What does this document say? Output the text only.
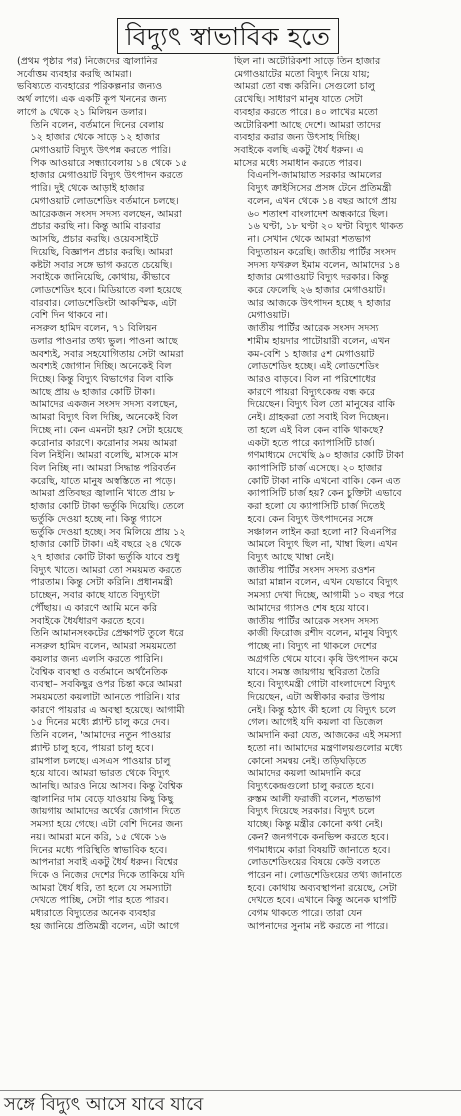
বিদ্যুৎ স্বাভাবিক হতে

(প্রথম পৃষ্ঠার পর) নিজেদের জ্বালানির
সর্বোত্তম ব্যবহার করছি আমরা।
ভবিষ্যতে ব্যবহারের পরিকল্পনার জন্যও
অর্থ লাগে। এক একটি কূপ খননের জন্য
লাগে ৯ থেকে ২১ মিলিয়ন ডলার।

তিনি বলেন, বর্তমানে দিনের বেলায়
১২ হাজার থেকে সাড়ে ১২ হাজার
মেগাওয়াট বিদ্যুৎ উৎপন্ন করতে পারি।
পিক আওয়ারে সন্ধ্যাবেলায় ১৪ থেকে ১৫
হাজার মেগাওয়াট বিদ্যুৎ উৎপাদন করতে
পারি। দুই থেকে আড়াই হাজার
মেগাওয়াট লোডশেডিং বর্তমানে চলছে।
আরেকজন সংসদ সদস্য বলছেন, আমরা
প্রচার করছি না। কিন্তু আমি বারবার
আসছি, প্রচার করছি। ওয়েবসাইটে
দিয়েছি, বিজ্ঞাপন প্রচার করছি। আমরা
কষ্টটা সবার সঙ্গে ভাগ করতে চেয়েছি।
সবাইকে জানিয়েছি, কোথায়, কীভাবে
লোডশেডিং হবে। মিডিয়াতে বলা হয়েছে
বারবার। লোডশেডিংটা আকস্মিক, এটা
বেশি দিন থাকবে না।

নসরুল হামিদ বলেন, ৭১ বিলিয়ন
ডলার পাওনার তথ্য ভুল। পাওনা আছে
অবশ্যই, সবার সহযোগিতায় সেটা আমরা
অবশ্যই জোগান দিচ্ছি। অনেকেই বিল
দিচ্ছে। কিন্তু বিদ্যুৎ বিভাগের বিল বাকি
আছে প্রায় ৬ হাজার কোটি টাকা।
আমাদের একজন সংসদ সদস্য বলছেন,
আমরা বিদ্যুৎ বিল দিচ্ছি, অনেকেই বিল
দিচ্ছে না। কেন এমনটা হয়? সেটা হয়েছে
করোনার কারণে। করোনার সময় আমরা
বিল নিইনি। আমরা বলেছি, মাসকে মাস
বিল নিচ্ছি না। আমরা সিদ্ধান্ত পরিবর্তন
করেছি, যাতে মানুষ অস্বস্তিতে না পড়ে।
আমরা প্রতিবছর জ্বালানি খাতে প্রায় ৮
হাজার কোটি টাকা ভর্তুকি দিয়েছি। তেলে
ভর্তুকি দেওয়া হচ্ছে না। কিন্তু গ্যাসে
ভর্তুকি দেওয়া হচ্ছে। সব মিলিয়ে প্রায় ১২
হাজার কোটি টাকা। এই বছরে ২৪ থেকে
২৭ হাজার কোটি টাকা ভর্তুকি যাবে শুধু
বিদ্যুৎ খাতে। আমরা তো সময়মত করতে
পারতাম। কিন্তু সেটা করিনি। প্রধানমন্ত্রী
চাচ্ছেন, সবার কাছে যাতে বিদ্যুৎটা
পৌঁছায়। এ কারণে আমি মনে করি
সবাইকে ধৈর্যধারণ করতে হবে।

তিনি আমানসংকটের প্রেক্ষাপট তুলে ধরে
নসরুল হামিদ বলেন, আমরা সময়মতো
কয়লার জন্য এলসি করতে পারিনি।
বৈশ্বিক ব্যবস্থা ও বর্তমানে অর্থনৈতিক
ব্যবস্থা– সবকিছুর ওপর চিন্তা করে আমরা
সময়মতো কয়লাটা আনতে পারিনি। যার
কারণে পায়রার এ অবস্থা হয়েছে। আগামী
১৫ দিনের মধ্যে প্ল্যান্ট চালু করে দেব।

তিনি বলেন, 'আমাদের নতুন পাওয়ার
প্ল্যান্ট চালু হবে, পায়রা চালু হবে।
রামপাল চলছে। এসএস পাওয়ার চালু
হয়ে যাবে। আমরা ভারত থেকে বিদ্যুৎ
আনছি। আরও নিয়ে আসব। কিন্তু বৈশ্বিক
জ্বালানির দাম বেড়ে যাওয়ায় কিছু কিছু
জায়গায় আমাদের অর্থের জোগান দিতে
সমস্যা হয়ে গেছে। এটা বেশি দিনের জন্য
নয়। আমরা মনে করি, ১৫ থেকে ১৬
দিনের মধ্যে পরিস্থিতি স্বাভাবিক হবে।
আপনারা সবাই একটু ধৈর্য ধরুন। বিশ্বের
দিকে ও নিজের দেশের দিকে তাকিয়ে যদি
আমরা ধৈর্য ধরি, তা হলে যে সমস্যাটা
দেখতে পাচ্ছি, সেটা পার হতে পারব।

মধ্যরাতে বিদ্যুতের অনেক ব্যবহার
হয় জানিয়ে প্রতিমন্ত্রী বলেন, এটা আগে

ছিল না। অটোরিকশা সাড়ে তিন হাজার
মেগাওয়াটের মতো বিদ্যুৎ নিয়ে যায়;
আমরা তো বন্ধ করিনি। সেগুলো চালু
রেখেছি। সাধারণ মানুষ যাতে সেটা
ব্যবহার করতে পারে। ৪০ লাখের মতো
অটোরিকশা আছে দেশে। আমরা তাদের
ব্যবহার করার জন্য উৎসাহ দিচ্ছি।
সবাইকে বলছি একটু ধৈর্য ধরুন। এ
মাসের মধ্যে সমাধান করতে পারব।

বিএনপি-জামায়াত সরকার আমলের
বিদ্যুৎ ক্রাইসিসের প্রসঙ্গ টেনে প্রতিমন্ত্রী
বলেন, এখন থেকে ১৪ বছর আগে প্রায়
৬০ শতাংশ বাংলাদেশ অন্ধকারে ছিল।
১৬ ঘণ্টা, ১৮ ঘণ্টা ২০ ঘণ্টা বিদ্যুৎ থাকত
না। সেখান থেকে আমরা শতভাগ
বিদ্যুতায়ন করেছি। জাতীয় পার্টির সংসদ
সদস্য ফখরুল ইমাম বলেন, আমাদের ১৪
হাজার মেগাওয়াট বিদ্যুৎ দরকার। কিন্তু
করে ফেলেছি ২৬ হাজার মেগাওয়াট।
আর আজকে উৎপাদন হচ্ছে ৭ হাজার
মেগাওয়াট।

জাতীয় পার্টির আরেক সংসদ সদস্য
শামীম হায়দার পাটোয়ারী বলেন, এখন
কম-বেশি ১ হাজার ৫শ মেগাওয়াট
লোডশেডিং হচ্ছে। এই লোডশেডিং
আরও বাড়বে। বিল না পরিশোধের
কারণে পায়রা বিদ্যুৎকেন্দ্র বন্ধ করে
দিয়েছেন। বিদ্যুৎ বিল তো মানুষের বাকি
নেই। গ্রাহকরা তো সবাই বিল দিচ্ছেন।
তা হলে এই বিল কেন বাকি থাকছে?
একটা হতে পারে ক্যাপাসিটি চার্জ।
গণমাধ্যমে দেখেছি ৯০ হাজার কোটি টাকা
ক্যাপাসিটি চার্জ এসেছে। ২০ হাজার
কোটি টাকা নাকি এখনো বাকি। কেন এত
ক্যাপাসিটি চার্জ হয়? কেন চুক্তিটা এভাবে
করা হলো যে ক্যাপাসিটি চার্জ দিতেই
হবে। কেন বিদ্যুৎ উৎপাদনের সঙ্গে
সঞ্চালন লাইন করা হলো না? বিএনপির
আমলে বিদ্যুৎ ছিল না, খাম্বা ছিল। এখন
বিদ্যুৎ আছে খাম্বা নেই।

জাতীয় পার্টির সংসদ সদস্য রওশন
আরা মান্নান বলেন, এখন যেভাবে বিদ্যুৎ
সমস্যা দেখা দিচ্ছে, আগামী ১০ বছর পরে
আমাদের গ্যাসও শেষ হয়ে যাবে।

জাতীয় পার্টির আরেক সংসদ সদস্য
কাজী ফিরোজ রশীদ বলেন, মানুষ বিদ্যুৎ
পাচ্ছে না। বিদ্যুৎ না থাকলে দেশের
অগ্রগতি থেমে যাবে। কৃষি উৎপাদন কমে
যাবে। সমস্ত জায়গায় স্থবিরতা তৈরি
হবে। বিদ্যুৎমন্ত্রী গোটা বাংলাদেশে বিদ্যুৎ
দিয়েছেন, এটা অস্বীকার করার উপায়
নেই। কিন্তু হঠাৎ কী হলো যে বিদ্যুৎ চলে
গেল। আগেই যদি কয়লা বা ডিজেল
আমদানি করা যেত, আজকের এই সমস্যা
হতো না। আমাদের মন্ত্রণালয়গুলোর মধ্যে
কোনো সমন্বয় নেই। তড়িঘড়িতে
আমাদের কয়লা আমদানি করে
বিদ্যুৎকেন্দ্রগুলো চালু করতে হবে।

রুস্তম আলী ফরাজী বলেন, শতভাগ
বিদ্যুৎ দিয়েছে সরকার। বিদ্যুৎ চলে
যাচ্ছে। কিন্তু মন্ত্রীর কোনো কথা নেই।
কেন? জনগণকে কনভিন্স করতে হবে।
গণমাধ্যমে কারা বিষয়টি জানাতে হবে।
লোডশেডিংয়ের বিষয়ে কেউ বলতে
পারেন না। লোডশেডিংয়ের তথ্য জানাতে
হবে। কোথায় অব্যবস্থাপনা রয়েছে, সেটা
দেখতে হবে। এখানে কিন্তু অনেক ঘাপটি
বেগম থাকতে পারে। তারা যেন
আপনাদের সুনাম নষ্ট করতে না পারে।

সঙ্গে বিদ্যুৎ আসে যাবে যাবে
